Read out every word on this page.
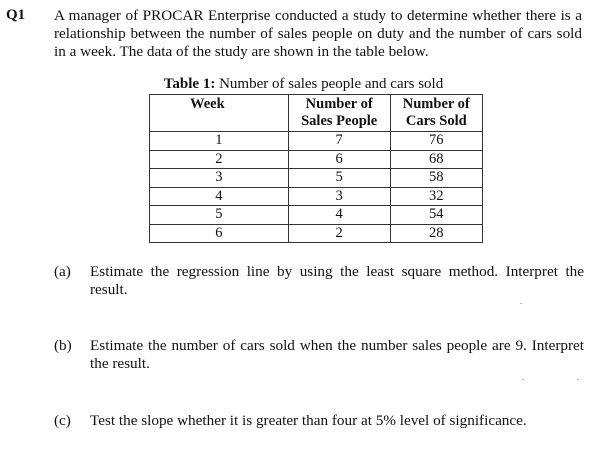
Q1 A manager of PROCAR Enterprise conducted a study to determine whether there is a relationship between the number of sales people on duty and the number of cars sold in a week. The data of the study are shown in the table below.
Table 1: Number of sales people and cars sold
Week	Number of Sales People	Number of Cars Sold
1	7	76
2	6	68
3	5	58
4	3	32
5	4	54
6	2	28
(a) Estimate the regression line by using the least square method. Interpret the result.
(b) Estimate the number of cars sold when the number sales people are 9. Interpret the result.
(c) Test the slope whether it is greater than four at 5% level of significance.
